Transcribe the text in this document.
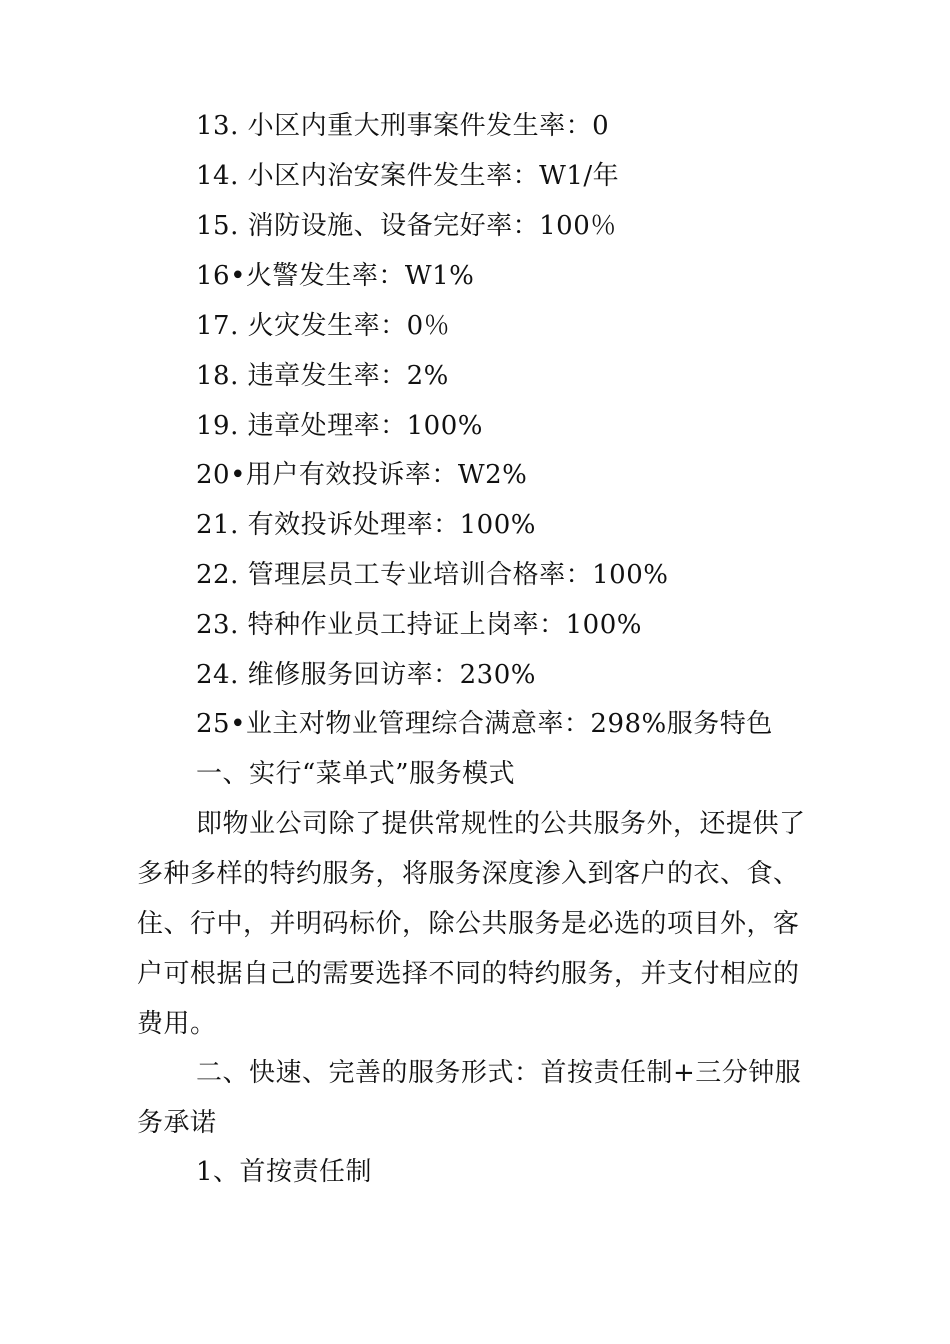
13. 小区内重大刑事案件发生率：0
14. 小区内治安案件发生率：W1/年
15. 消防设施、设备完好率：100％
16•火警发生率：W1%
17. 火灾发生率：0％
18. 违章发生率：2%
19. 违章处理率：100%
20•用户有效投诉率：W2%
21. 有效投诉处理率：100%
22. 管理层员工专业培训合格率：100%
23. 特种作业员工持证上岗率：100%
24. 维修服务回访率：230%
25•业主对物业管理综合满意率：298%服务特色
一、实行“菜单式”服务模式
即物业公司除了提供常规性的公共服务外，还提供了多种多样的特约服务，将服务深度渗入到客户的衣、食、住、行中，并明码标价，除公共服务是必选的项目外，客户可根据自己的需要选择不同的特约服务，并支付相应的费用。
二、快速、完善的服务形式：首按责任制+三分钟服务承诺
1、首按责任制
